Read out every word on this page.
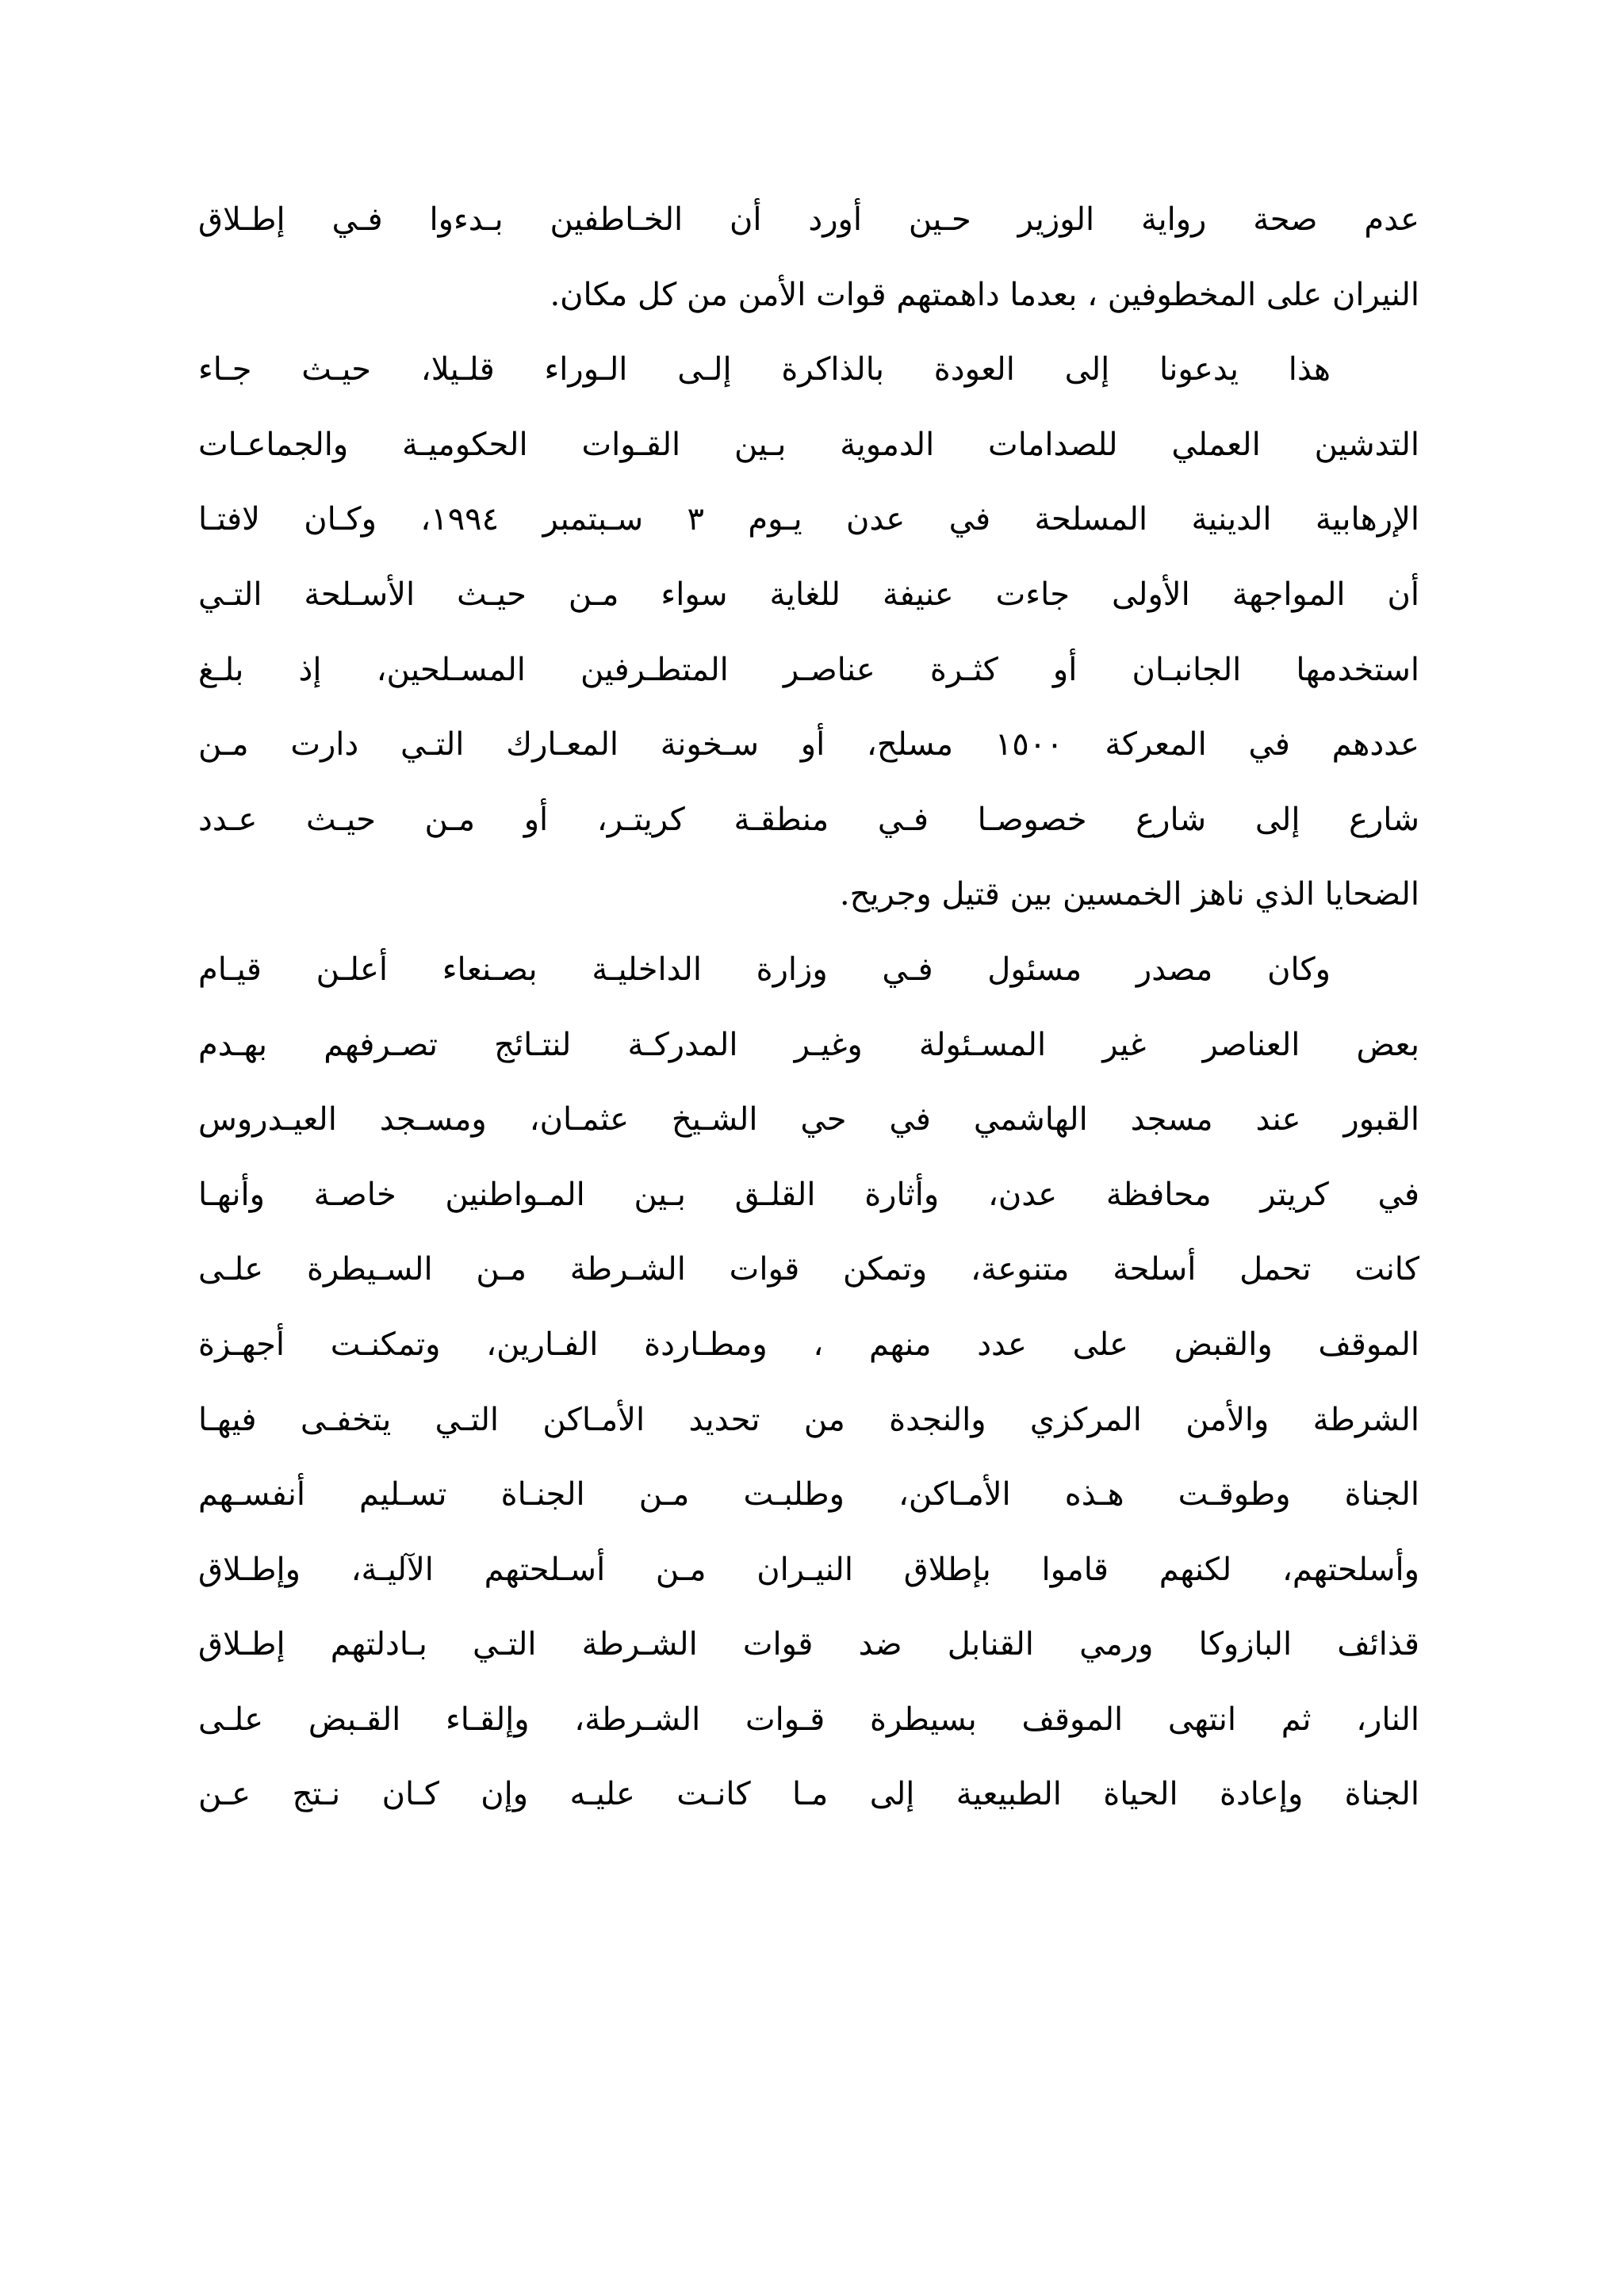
عدم صحة رواية الوزير حـين أورد أن الخـاطفين بـدءوا فـي إطـلاق
النيران على المخطوفين ، بعدما داهمتهم قوات الأمن من كل مكان.
هذا يدعونا إلى العودة بالذاكرة إلـى الـوراء قلـيلا، حيـث جـاء
التدشين العملي للصدامات الدموية بـين القـوات الحكوميـة والجماعـات
الإرهابية الدينية المسلحة في عدن يـوم ٣ سـبتمبر ١٩٩٤، وكـان لافتـا
أن المواجهة الأولى جاءت عنيفة للغاية سواء مـن حيـث الأسـلحة التـي
استخدمها الجانبـان أو كثـرة عناصـر المتطـرفين المسـلحين، إذ بلـغ
عددهم في المعركة ١٥٠٠ مسلح، أو سـخونة المعـارك التـي دارت مـن
شارع إلى شارع خصوصـا فـي منطقـة كريتـر، أو مـن حيـث عـدد
الضحايا الذي ناهز الخمسين بين قتيل وجريح.
وكان مصدر مسئول فـي وزارة الداخليـة بصـنعاء أعلـن قيـام
بعض العناصر غير المسـئولة وغيـر المدركـة لنتـائج تصـرفهم بهـدم
القبور عند مسجد الهاشمي في حي الشـيخ عثمـان، ومسـجد العيـدروس
في كريتر محافظة عدن، وأثارة القلـق بـين المـواطنين خاصـة وأنهـا
كانت تحمل أسلحة متنوعة، وتمكن قوات الشـرطة مـن السـيطرة علـى
الموقف والقبض على عدد منهم ، ومطـاردة الفـارين، وتمكنـت أجهـزة
الشرطة والأمن المركزي والنجدة من تحديد الأمـاكن التـي يتخفـى فيهـا
الجناة وطوقـت هـذه الأمـاكن، وطلبـت مـن الجنـاة تسـليم أنفسـهم
وأسلحتهم، لكنهم قاموا بإطلاق النيـران مـن أسـلحتهم الآليـة، وإطـلاق
قذائف البازوكا ورمي القنابل ضد قوات الشـرطة التـي بـادلتهم إطـلاق
النار، ثم انتهى الموقف بسيطرة قـوات الشـرطة، وإلقـاء القـبض علـى
الجناة وإعادة الحياة الطبيعية إلى مـا كانـت عليـه وإن كـان نـتج عـن
